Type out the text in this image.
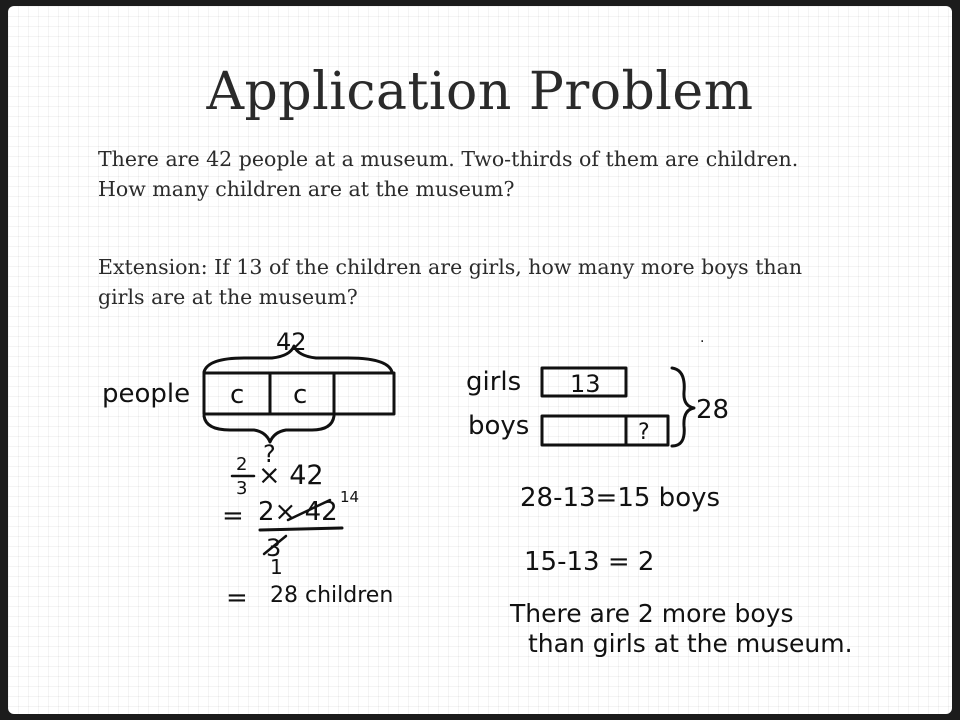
Application Problem
There are 42 people at a museum. Two-thirds of them are children. How many children are at the museum?
Extension: If 13 of the children are girls, how many more boys than girls are at the museum?
42
people c c
?
2
3 × 42
= 2× 42 14
3
1
= 28 children
·
girls 13
boys	?
28
28-13=15 boys
15-13 = 2
There are 2 more boys
than girls at the museum.
